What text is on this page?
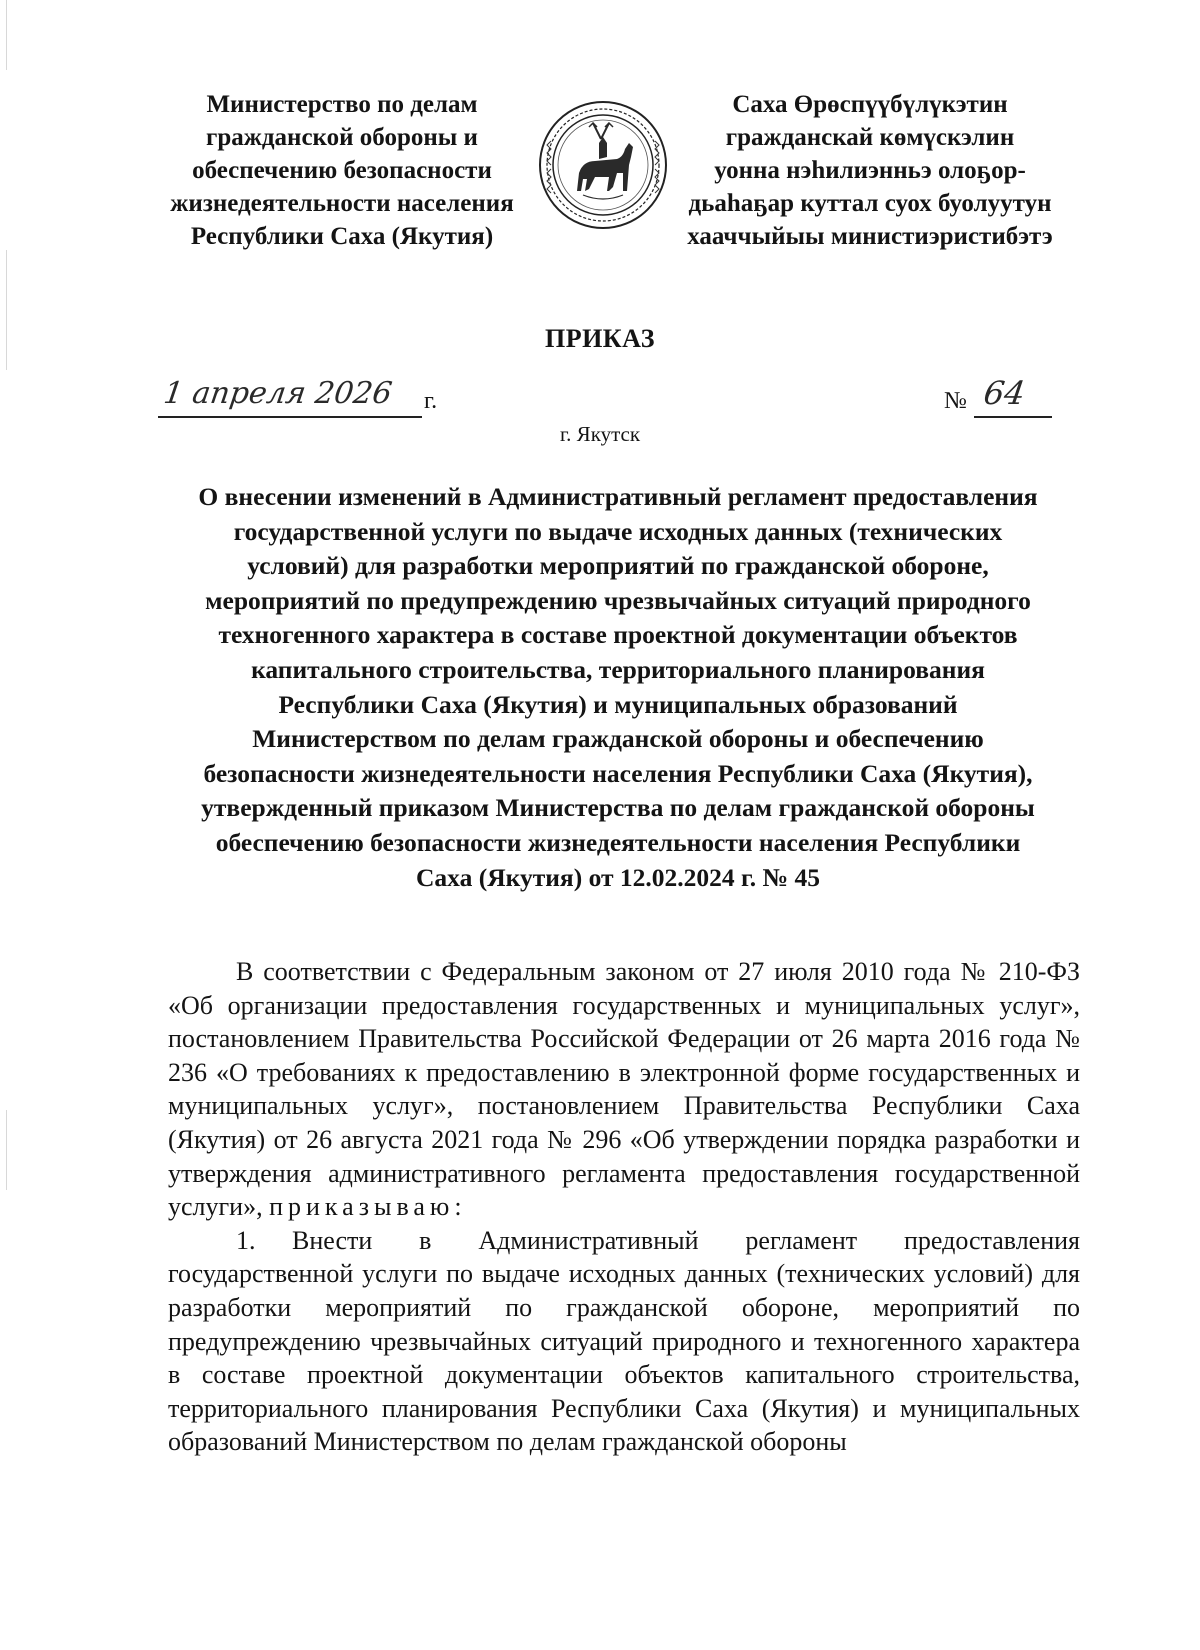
Министерство по делам
гражданской обороны и
обеспечению безопасности
жизнедеятельности населения
Республики Саха (Якутия)
Саха Өрөспүүбүлүкэтин
гражданскай көмүскэлин
уонна нэһилиэнньэ олоҕор-
дьаһаҕар куттал суох буолуутун
хааччыйыы министиэристибэтэ
ПРИКАЗ
1 апреля 2026 г.	№ 64
г. Якутск
О внесении изменений в Административный регламент предоставления
государственной услуги по выдаче исходных данных (технических
условий) для разработки мероприятий по гражданской обороне,
мероприятий по предупреждению чрезвычайных ситуаций природного
техногенного характера в составе проектной документации объектов
капитального строительства, территориального планирования
Республики Саха (Якутия) и муниципальных образований
Министерством по делам гражданской обороны и обеспечению
безопасности жизнедеятельности населения Республики Саха (Якутия),
утвержденный приказом Министерства по делам гражданской обороны
обеспечению безопасности жизнедеятельности населения Республики
Саха (Якутия) от 12.02.2024 г. № 45

В соответствии с Федеральным законом от 27 июля 2010 года № 210-ФЗ «Об организации предоставления государственных и муниципальных услуг», постановлением Правительства Российской Федерации от 26 марта 2016 года № 236 «О требованиях к предоставлению в электронной форме государственных и муниципальных услуг», постановлением Правительства Республики Саха (Якутия) от 26 августа 2021 года № 296 «Об утверждении порядка разработки и утверждения административного регламента предоставления государственной услуги», приказываю:

1. Внести в Административный регламент предоставления государственной услуги по выдаче исходных данных (технических условий) для разработки мероприятий по гражданской обороне, мероприятий по предупреждению чрезвычайных ситуаций природного и техногенного характера в составе проектной документации объектов капитального строительства, территориального планирования Республики Саха (Якутия) и муниципальных образований Министерством по делам гражданской обороны
